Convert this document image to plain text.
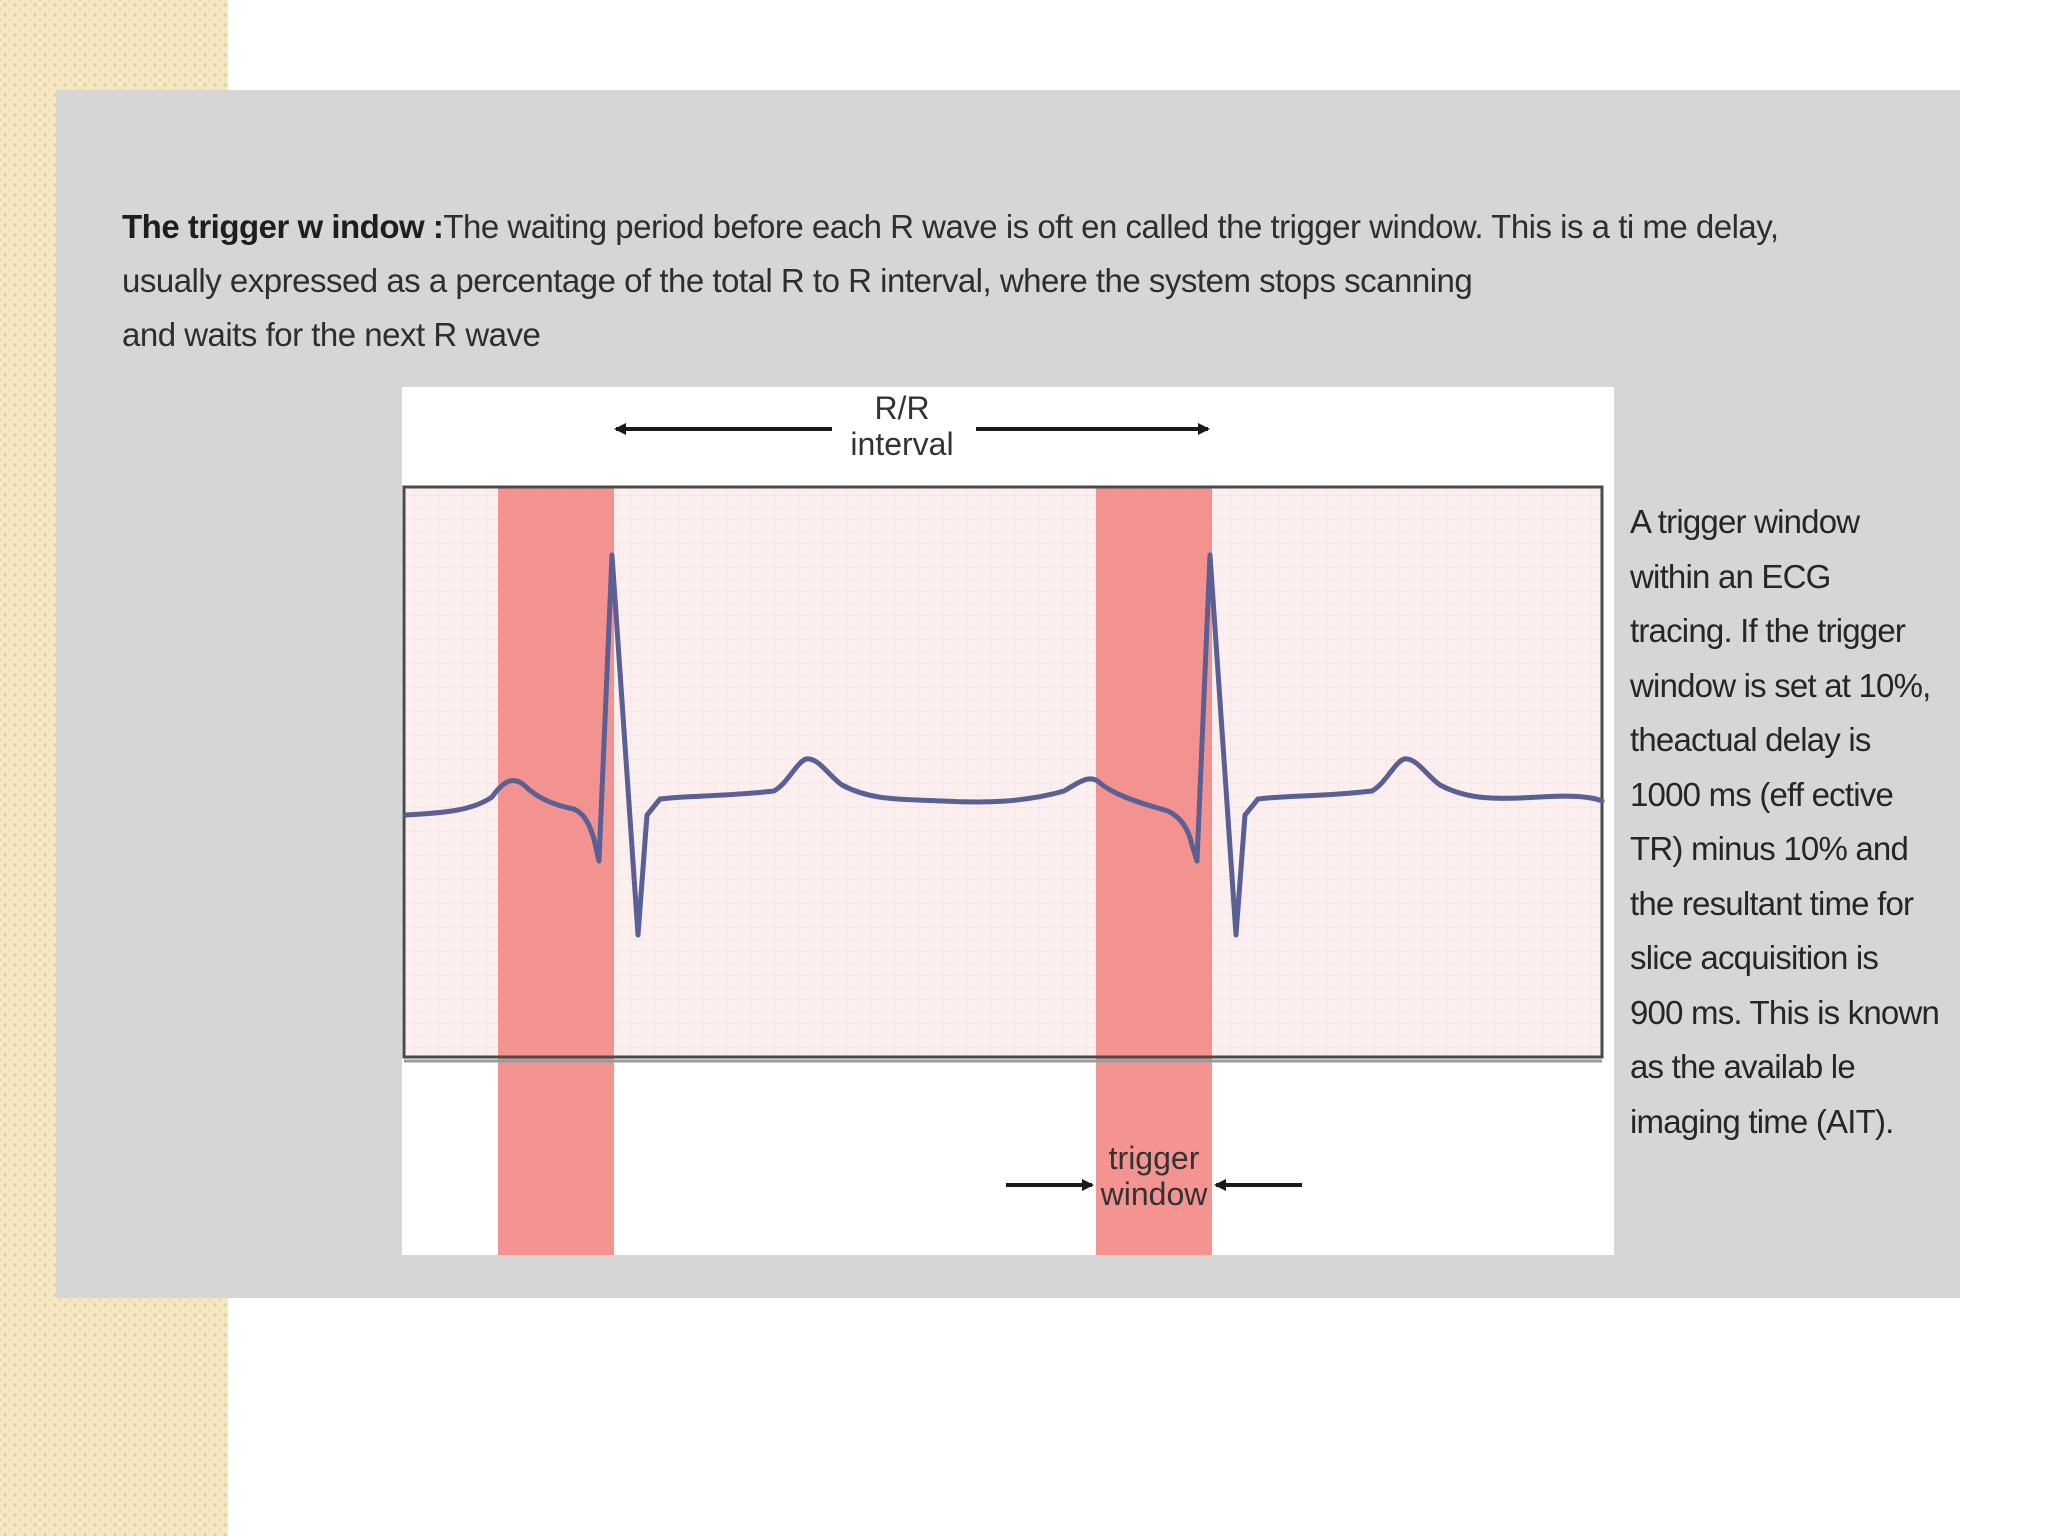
The trigger w indow :The waiting period before each R wave is oft en called the trigger window. This is a ti me delay,
usually expressed as a percentage of the total R to R interval, where the system stops scanning
and waits for the next R wave

R/R
interval
trigger
window
A trigger window
within an ECG
tracing. If the trigger
window is set at 10%,
theactual delay is
1000 ms (eff ective
TR) minus 10% and
the resultant time for
slice acquisition is
900 ms. This is known
as the availab le
imaging time (AIT).
